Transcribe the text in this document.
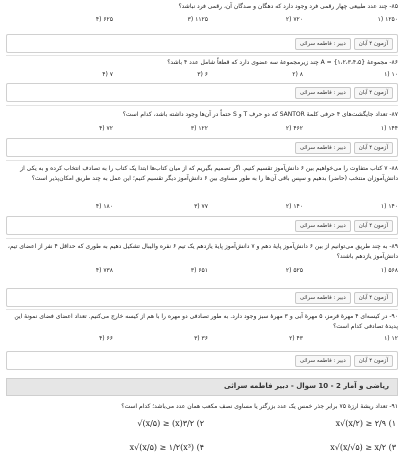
۸۵- چند عدد طبیعی چهار رقمی فرد وجود دارد که دهگان و صدگان آن، رقمی فرد نباشد؟
۱۲۵۰ (۱
۷۲۰ (۲
۱۱۲۵ (۳
۶۲۵ (۴
آزمون ۴ آبان
دبیر : فاطمه سراثی
۸۶- مجموعهٔ A = {۱،۲،۳،۴،۵} چند زیرمجموعهٔ سه عضوی دارد که قطعاً شامل عدد ۴ باشد؟
۱۰ (۱
۸ (۲
۶ (۳
۷ (۴
آزمون ۴ آبان
دبیر : فاطمه سراثی
۸۷- تعداد جایگشت‌های ۴ حرفی کلمهٔ SANTOR که دو حرف T و S حتماً در آن‌ها وجود داشته باشد، کدام است؟
۱۴۴ (۱
۴۶۲ (۲
۱۲۲ (۳
۷۲ (۴
آزمون ۴ آبان
دبیر : فاطمه سراثی
۸۸- ۷ کتاب متفاوت را می‌خواهیم بین ۶ دانش‌آموز تقسیم کنیم. اگر تصمیم بگیریم که از میان کتاب‌ها ابتدا یک کتاب را به تصادف انتخاب کرده و به یکی از دانش‌آموزان منتخب (حاضر) بدهیم و سپس باقی آن‌ها را به طور مساوی بین ۶ دانش‌آموز دیگر تقسیم کنیم؛ این عمل به چند طریق امکان‌پذیر است؟
۱۴۰ (۱
۱۴۰ (۲
۷۷ (۳
۱۸۰ (۴
آزمون ۴ آبان
دبیر : فاطمه سراثی
۸۹- به چند طریق می‌توانیم از بین ۶ دانش‌آموز پایهٔ دهم و ۷ دانش‌آموز پایهٔ یازدهم یک تیم ۶ نفره والیبال تشکیل دهیم به طوری که حداقل ۴ نفر از اعضای تیم، دانش‌آموز یازدهم باشند؟
۵۶۸ (۱
۵۲۵ (۲
۶۵۱ (۳
۷۳۸ (۴
آزمون ۴ آبان
دبیر : فاطمه سراثی
۹۰- در کیسه‌ای ۴ مهرهٔ قرمز، ۵ مهرهٔ آبی و ۳ مهرهٔ سبز وجود دارد. به طور تصادفی دو مهره را با هم از کیسه خارج می‌کنیم. تعداد اعضای فضای نمونهٔ این پدیدهٔ تصادفی کدام است؟
۱۲ (۱
۴۳ (۲
۳۶ (۳
۶۶ (۴
آزمون ۴ آبان
دبیر : فاطمه سراثی
ریاضی و آمار 2 - 10 سوال - دبیر فاطمه سراثی
۹۱- تعداد ریشهٔ ارزهٔ ۷۵ برابر جذر خمس یک عدد بزرگتر یا مساوی نصف مکعب همان عدد می‌باشد؛ کدام است؟
x√(x/۲) ≥ ۲/۹ (۱
√(x/۵) ≥ (x)۳/۲ (۲
x√(x/√۵) ≥ x/۲ (۳
x√(x/۵) ≥ ۱/۲(x³) (۴
